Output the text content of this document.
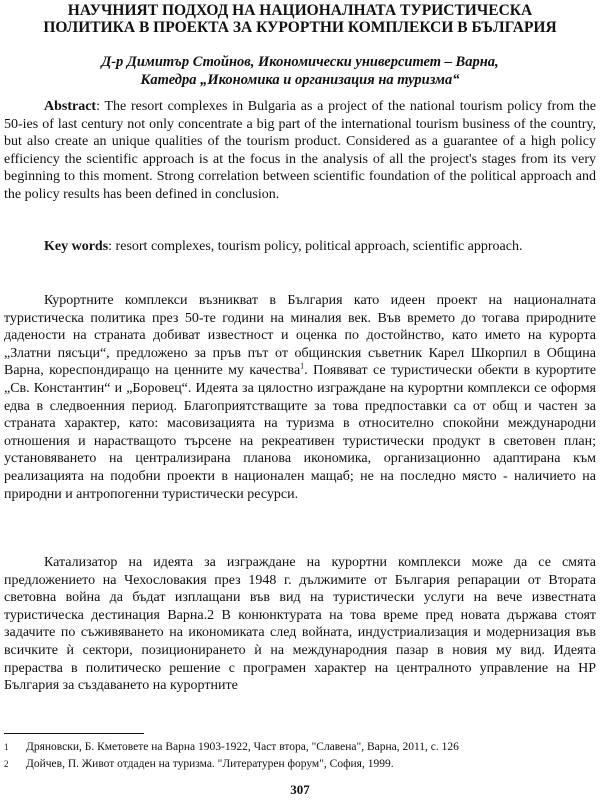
НАУЧНИЯТ ПОДХОД НА НАЦИОНАЛНАТА ТУРИСТИЧЕСКА
ПОЛИТИКА В ПРОЕКТА ЗА КУРОРТНИ КОМПЛЕКСИ В БЪЛГАРИЯ
Д-р Димитър Стойнов, Икономически университет – Варна,
Катедра „Икономика и организация на туризма“
Abstract: The resort complexes in Bulgaria as a project of the national tourism policy from the 50-ies of last century not only concentrate a big part of the international tourism business of the country, but also create an unique qualities of the tourism product. Considered as a guarantee of a high policy efficiency the scientific approach is at the focus in the analysis of all the project's stages from its very beginning to this moment. Strong correlation between scientific foundation of the political approach and the policy results has been defined in conclusion.
Key words: resort complexes, tourism policy, political approach, scientific approach.
Курортните комплекси възникват в България като идеен проект на националната туристическа политика през 50-те години на миналия век. Във времето до тогава природните дадености на страната добиват известност и оценка по достойнство, като името на курорта „Златни пясъци“, предложено за пръв път от общинския съветник Карел Шкорпил в Община Варна, кореспондиращо на ценните му качества$^1$. Появяват се туристически обекти в курортите „Св. Константин“ и „Боровец“. Идеята за цялостно изграждане на курортни комплекси се оформя едва в следвоенния период. Благоприятстващите за това предпоставки са от общ и частен за страната характер, като: масовизацията на туризма в относително спокойни международни отношения и нарастващото търсене на рекреативен туристически продукт в световен план; установяването на централизирана планова икономика, организационно адаптирана към реализацията на подобни проекти в национален мащаб; не на последно място - наличието на природни и антропогенни туристически ресурси.
Катализатор на идеята за изграждане на курортни комплекси може да се смята предложението на Чехословакия през 1948 г. дължимите от България репарации от Втората световна война да бъдат изплащани във вид на туристически услуги на вече известната туристическа дестинация Варна.2 В конюнктурата на това време пред новата държава стоят задачите по съживяването на икономиката след войната, индустриализация и модернизация във всичките ѝ сектори, позиционирането ѝ на международния пазар в новия му вид. Идеята прераства в политическо решение с програмен характер на централното управление на НР България за създаването на курортните
1 Дряновски, Б. Кметовете на Варна 1903-1922, Част втора, "Славена", Варна, 2011, с. 126
2 Дойчев, П. Живот отдаден на туризма. "Литературен форум", София, 1999.
307
